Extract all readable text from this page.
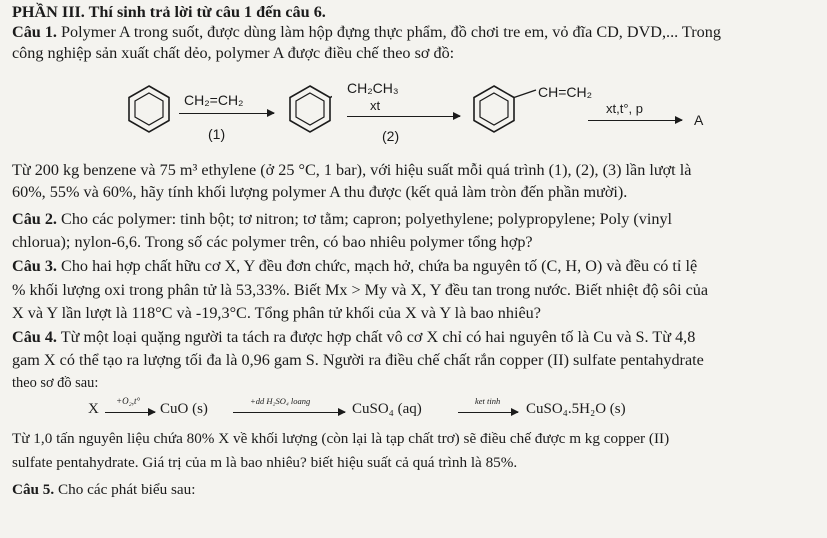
PHẦN III. Thí sinh trả lời từ câu 1 đến câu 6.
Câu 1. Polymer A trong suốt, được dùng làm hộp đựng thực phẩm, đồ chơi tre em, vỏ đĩa CD, DVD,... Trong
công nghiệp sản xuất chất dẻo, polymer A được điều chế theo sơ đồ:
CH₂=CH₂
(1)
CH₂CH₃
xt
(2)
CH=CH₂
xt,t°, p
A
Từ 200 kg benzene và 75 m³ ethylene (ở 25 °C, 1 bar), với hiệu suất mỗi quá trình (1), (2), (3) lần lượt là
60%, 55% và 60%, hãy tính khối lượng polymer A thu được (kết quả làm tròn đến phần mười).
Câu 2. Cho các polymer: tinh bột; tơ nitron; tơ tằm; capron; polyethylene; polypropylene; Poly (vinyl
chlorua); nylon-6,6. Trong số các polymer trên, có bao nhiêu polymer tổng hợp?
Câu 3. Cho hai hợp chất hữu cơ X, Y đều đơn chức, mạch hở, chứa ba nguyên tố (C, H, O) và đều có tỉ lệ
% khối lượng oxi trong phân tử là 53,33%. Biết Mx > My và X, Y đều tan trong nước. Biết nhiệt độ sôi của
X và Y lần lượt là 118°C và -19,3°C. Tổng phân tử khối của X và Y là bao nhiêu?
Câu 4. Từ một loại quặng người ta tách ra được hợp chất vô cơ X chỉ có hai nguyên tố là Cu và S. Từ 4,8
gam X có thể tạo ra lượng tối đa là 0,96 gam S. Người ra điều chế chất rắn copper (II) sulfate pentahydrate
theo sơ đồ sau:
X +O₂,t° CuO (s)	+dd H₂SO₄ loang	CuSO₄ (aq)	ket tinh CuSO₄.5H₂O (s)
Từ 1,0 tấn nguyên liệu chứa 80% X về khối lượng (còn lại là tạp chất trơ) sẽ điều chế được m kg copper (II)
sulfate pentahydrate. Giá trị của m là bao nhiêu? biết hiệu suất cả quá trình là 85%.
Câu 5. Cho các phát biểu sau:
